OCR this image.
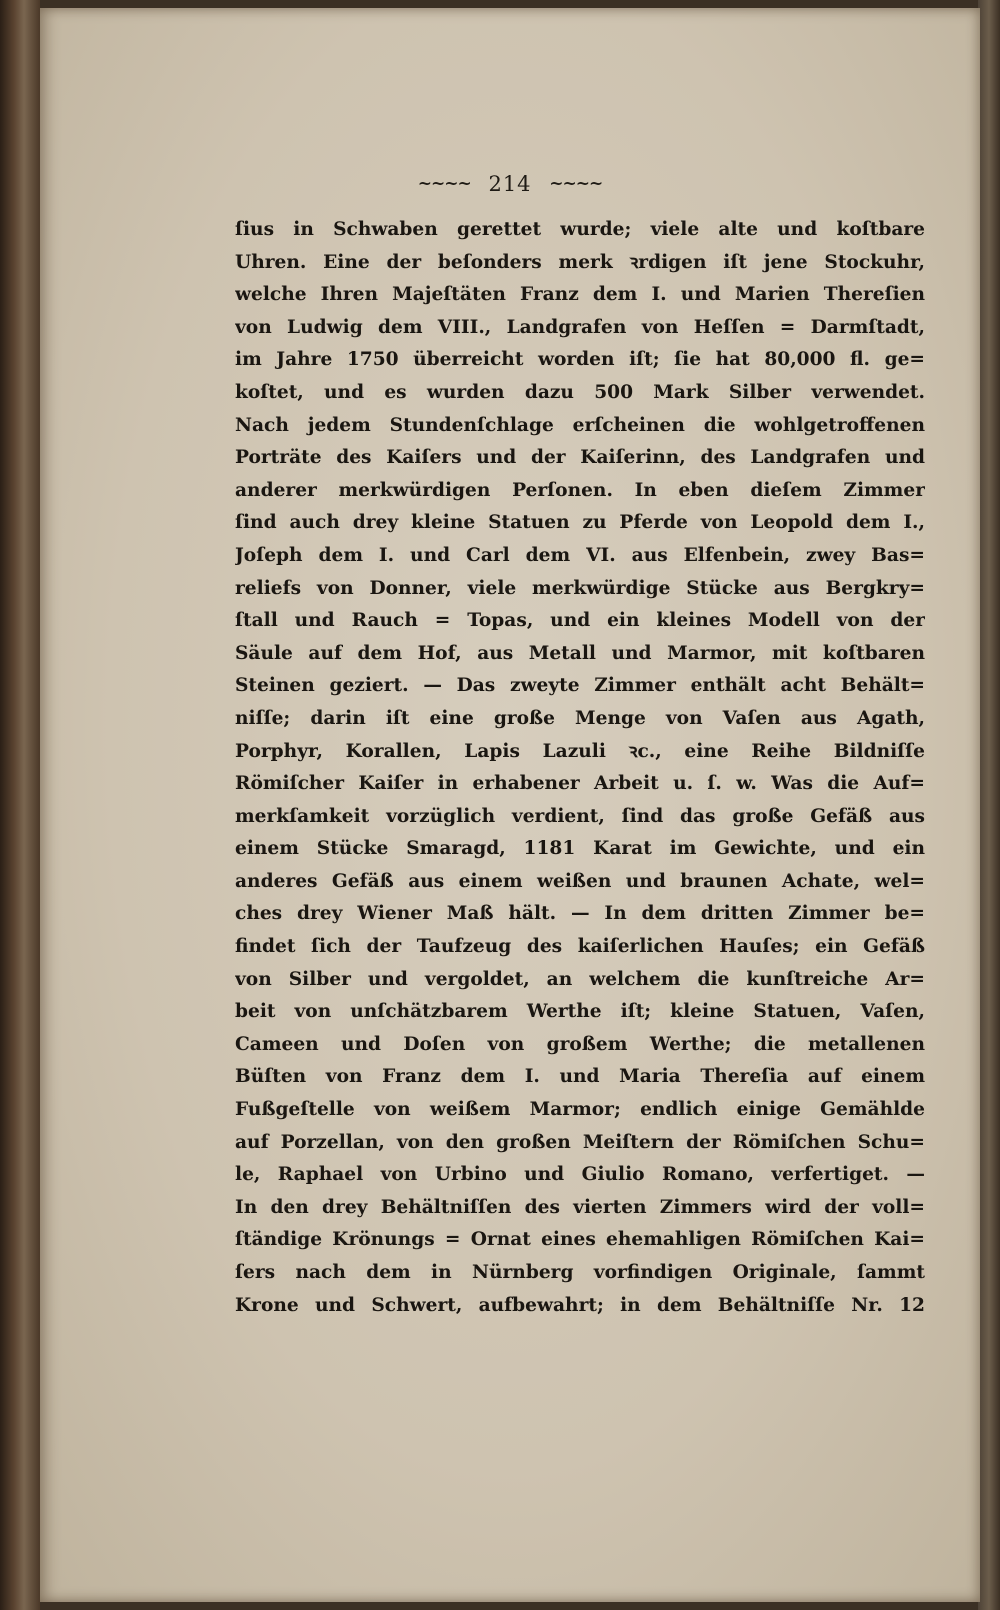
~~~~ 214 ~~~~
ſius in Schwaben gerettet wurde; viele alte und koſtbare
Uhren. Eine der beſonders merk ꝛrdigen iſt jene Stockuhr,
welche Ihren Majeſtäten Franz dem I. und Marien Thereſien
von Ludwig dem VIII., Landgrafen von Heſſen = Darmſtadt,
im Jahre 1750 überreicht worden iſt; ſie hat 80,000 fl. ge=
koſtet, und es wurden dazu 500 Mark Silber verwendet.
Nach jedem Stundenſchlage erſcheinen die wohlgetroffenen
Porträte des Kaiſers und der Kaiſerinn, des Landgrafen und
anderer merkwürdigen Perſonen. In eben dieſem Zimmer
ſind auch drey kleine Statuen zu Pferde von Leopold dem I.,
Joſeph dem I. und Carl dem VI. aus Elfenbein, zwey Bas=
reliefs von Donner, viele merkwürdige Stücke aus Bergkry=
ſtall und Rauch = Topas, und ein kleines Modell von der
Säule auf dem Hof, aus Metall und Marmor, mit koſtbaren
Steinen geziert. — Das zweyte Zimmer enthält acht Behält=
niſſe; darin iſt eine große Menge von Vaſen aus Agath,
Porphyr, Korallen, Lapis Lazuli ꝛc., eine Reihe Bildniſſe
Römiſcher Kaiſer in erhabener Arbeit u. ſ. w. Was die Auf=
merkſamkeit vorzüglich verdient, ſind das große Gefäß aus
einem Stücke Smaragd, 1181 Karat im Gewichte, und ein
anderes Gefäß aus einem weißen und braunen Achate, wel=
ches drey Wiener Maß hält. — In dem dritten Zimmer be=
findet ſich der Taufzeug des kaiſerlichen Hauſes; ein Gefäß
von Silber und vergoldet, an welchem die kunſtreiche Ar=
beit von unſchätzbarem Werthe iſt; kleine Statuen, Vaſen,
Cameen und Doſen von großem Werthe; die metallenen
Büſten von Franz dem I. und Maria Thereſia auf einem
Fußgeſtelle von weißem Marmor; endlich einige Gemählde
auf Porzellan, von den großen Meiſtern der Römiſchen Schu=
le, Raphael von Urbino und Giulio Romano, verfertiget. —
In den drey Behältniſſen des vierten Zimmers wird der voll=
ſtändige Krönungs = Ornat eines ehemahligen Römiſchen Kai=
ſers nach dem in Nürnberg vorfindigen Originale, ſammt
Krone und Schwert, aufbewahrt; in dem Behältniſſe Nr. 12
